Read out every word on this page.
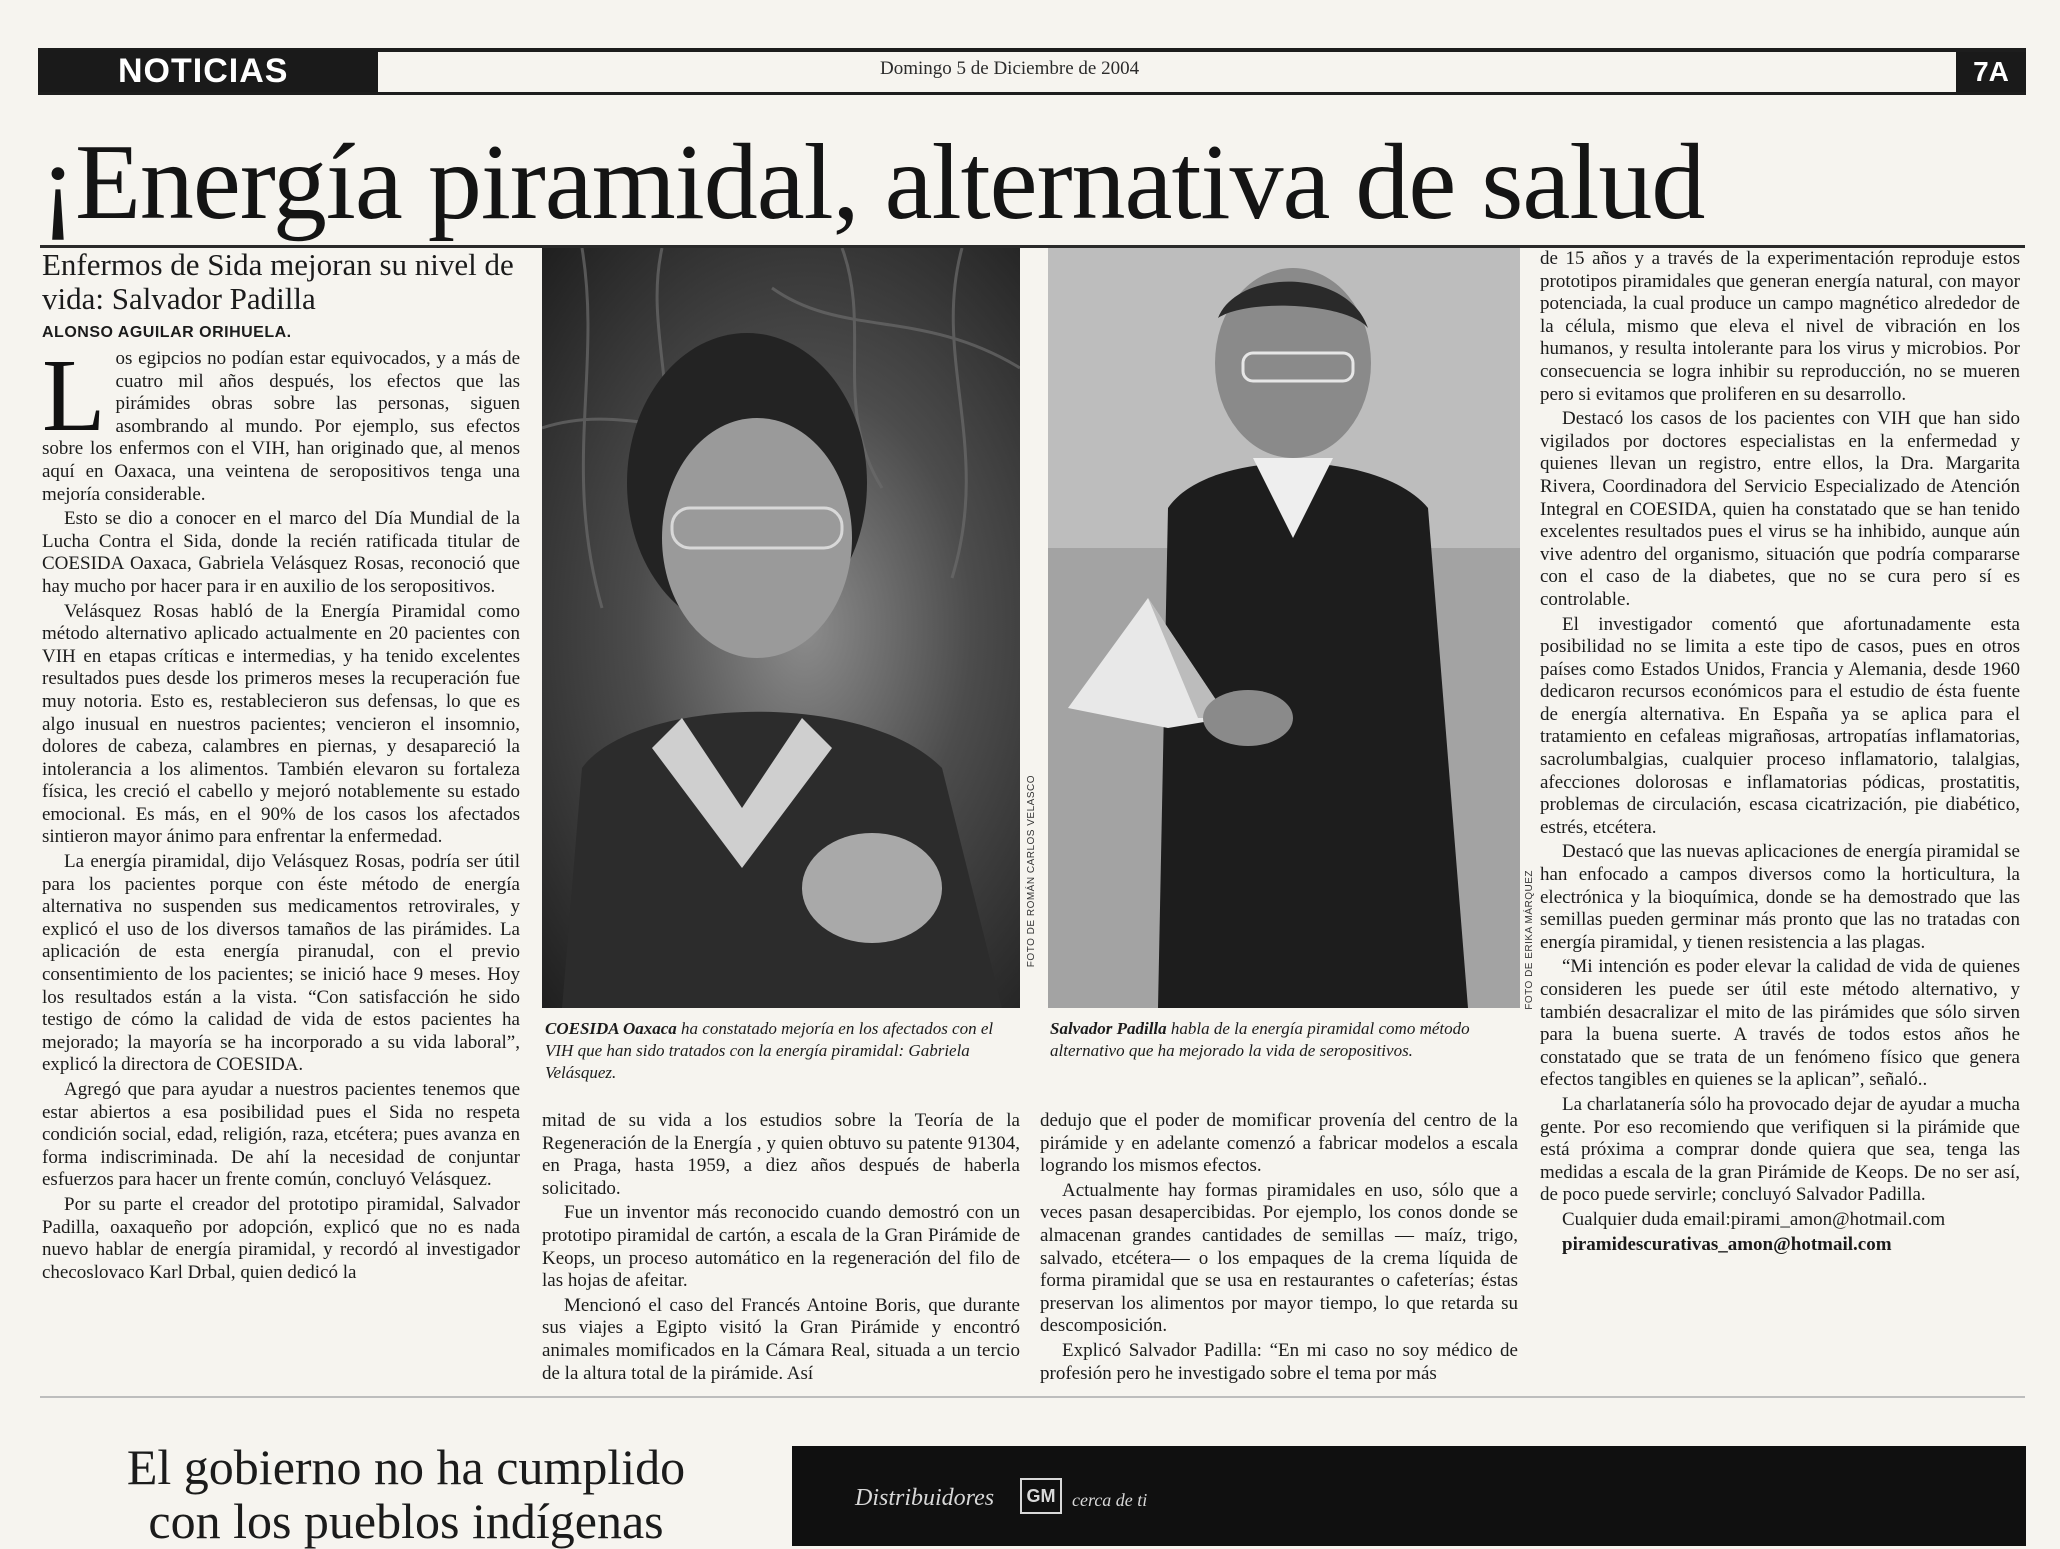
NOTICIAS	Domingo 5 de Diciembre de 2004	7A
¡Energía piramidal, alternativa de salud
Enfermos de Sida mejoran su nivel de vida: Salvador Padilla
ALONSO AGUILAR ORIHUELA.

Los egipcios no podían estar equivocados, y a más de cuatro mil años después, los efectos que las pirámides obras sobre las personas, siguen asombrando al mundo. Por ejemplo, sus efectos sobre los enfermos con el VIH, han originado que, al menos aquí en Oaxaca, una veintena de seropositivos tenga una mejoría considerable.

Esto se dio a conocer en el marco del Día Mundial de la Lucha Contra el Sida, donde la recién ratificada titular de COESIDA Oaxaca, Gabriela Velásquez Rosas, reconoció que hay mucho por hacer para ir en auxilio de los seropositivos.

Velásquez Rosas habló de la Energía Piramidal como método alternativo aplicado actualmente en 20 pacientes con VIH en etapas críticas e intermedias, y ha tenido excelentes resultados pues desde los primeros meses la recuperación fue muy notoria. Esto es, restablecieron sus defensas, lo que es algo inusual en nuestros pacientes; vencieron el insomnio, dolores de cabeza, calambres en piernas, y desapareció la intolerancia a los alimentos. También elevaron su fortaleza física, les creció el cabello y mejoró notablemente su estado emocional. Es más, en el 90% de los casos los afectados sintieron mayor ánimo para enfrentar la enfermedad.

La energía piramidal, dijo Velásquez Rosas, podría ser útil para los pacientes porque con éste método de energía alternativa no suspenden sus medicamentos retrovirales, y explicó el uso de los diversos tamaños de las pirámides. La aplicación de esta energía piranudal, con el previo consentimiento de los pacientes; se inició hace 9 meses. Hoy los resultados están a la vista. “Con satisfacción he sido testigo de cómo la calidad de vida de estos pacientes ha mejorado; la mayoría se ha incorporado a su vida laboral”, explicó la directora de COESIDA.

Agregó que para ayudar a nuestros pacientes tenemos que estar abiertos a esa posibilidad pues el Sida no respeta condición social, edad, religión, raza, etcétera; pues avanza en forma indiscriminada. De ahí la necesidad de conjuntar esfuerzos para hacer un frente común, concluyó Velásquez.

Por su parte el creador del prototipo piramidal, Salvador Padilla, oaxaqueño por adopción, explicó que no es nada nuevo hablar de energía piramidal, y recordó al investigador checoslovaco Karl Drbal, quien dedicó la

FOTO DE ROMÁN CARLOS VELASCO
COESIDA Oaxaca ha constatado mejoría en los afectados con el VIH que han sido tratados con la energía piramidal: Gabriela Velásquez.
FOTO DE ERIKA MÁRQUEZ
Salvador Padilla habla de la energía piramidal como método alternativo que ha mejorado la vida de seropositivos.

mitad de su vida a los estudios sobre la Teoría de la Regeneración de la Energía , y quien obtuvo su patente 91304, en Praga, hasta 1959, a diez años después de haberla solicitado.

Fue un inventor más reconocido cuando demostró con un prototipo piramidal de cartón, a escala de la Gran Pirámide de Keops, un proceso automático en la regeneración del filo de las hojas de afeitar.

Mencionó el caso del Francés Antoine Boris, que durante sus viajes a Egipto visitó la Gran Pirámide y encontró animales momificados en la Cámara Real, situada a un tercio de la altura total de la pirámide. Así

dedujo que el poder de momificar provenía del centro de la pirámide y en adelante comenzó a fabricar modelos a escala logrando los mismos efectos.

Actualmente hay formas piramidales en uso, sólo que a veces pasan desapercibidas. Por ejemplo, los conos donde se almacenan grandes cantidades de semillas — maíz, trigo, salvado, etcétera— o los empaques de la crema líquida de forma piramidal que se usa en restaurantes o cafeterías; éstas preservan los alimentos por mayor tiempo, lo que retarda su descomposición.

Explicó Salvador Padilla: “En mi caso no soy médico de profesión pero he investigado sobre el tema por más

de 15 años y a través de la experimentación reproduje estos prototipos piramidales que generan energía natural, con mayor potenciada, la cual produce un campo magnético alrededor de la célula, mismo que eleva el nivel de vibración en los humanos, y resulta intolerante para los virus y microbios. Por consecuencia se logra inhibir su reproducción, no se mueren pero si evitamos que proliferen en su desarrollo.

Destacó los casos de los pacientes con VIH que han sido vigilados por doctores especialistas en la enfermedad y quienes llevan un registro, entre ellos, la Dra. Margarita Rivera, Coordinadora del Servicio Especializado de Atención Integral en COESIDA, quien ha constatado que se han tenido excelentes resultados pues el virus se ha inhibido, aunque aún vive adentro del organismo, situación que podría compararse con el caso de la diabetes, que no se cura pero sí es controlable.

El investigador comentó que afortunadamente esta posibilidad no se limita a este tipo de casos, pues en otros países como Estados Unidos, Francia y Alemania, desde 1960 dedicaron recursos económicos para el estudio de ésta fuente de energía alternativa. En España ya se aplica para el tratamiento en cefaleas migrañosas, artropatías inflamatorias, sacrolumbalgias, cualquier proceso inflamatorio, talalgias, afecciones dolorosas e inflamatorias pódicas, prostatitis, problemas de circulación, escasa cicatrización, pie diabético, estrés, etcétera.

Destacó que las nuevas aplicaciones de energía piramidal se han enfocado a campos diversos como la horticultura, la electrónica y la bioquímica, donde se ha demostrado que las semillas pueden germinar más pronto que las no tratadas con energía piramidal, y tienen resistencia a las plagas.

“Mi intención es poder elevar la calidad de vida de quienes consideren les puede ser útil este método alternativo, y también desacralizar el mito de las pirámides que sólo sirven para la buena suerte. A través de todos estos años he constatado que se trata de un fenómeno físico que genera efectos tangibles en quienes se la aplican”, señaló..

La charlatanería sólo ha provocado dejar de ayudar a mucha gente. Por eso recomiendo que verifiquen si la pirámide que está próxima a comprar donde quiera que sea, tenga las medidas a escala de la gran Pirámide de Keops. De no ser así, de poco puede servirle; concluyó Salvador Padilla.

Cualquier duda email:pirami_amon@hotmail.com

piramidescurativas_amon@hotmail.com

El gobierno no ha cumplido con los pueblos indígenas	Distribuidores	GM cerca de ti
